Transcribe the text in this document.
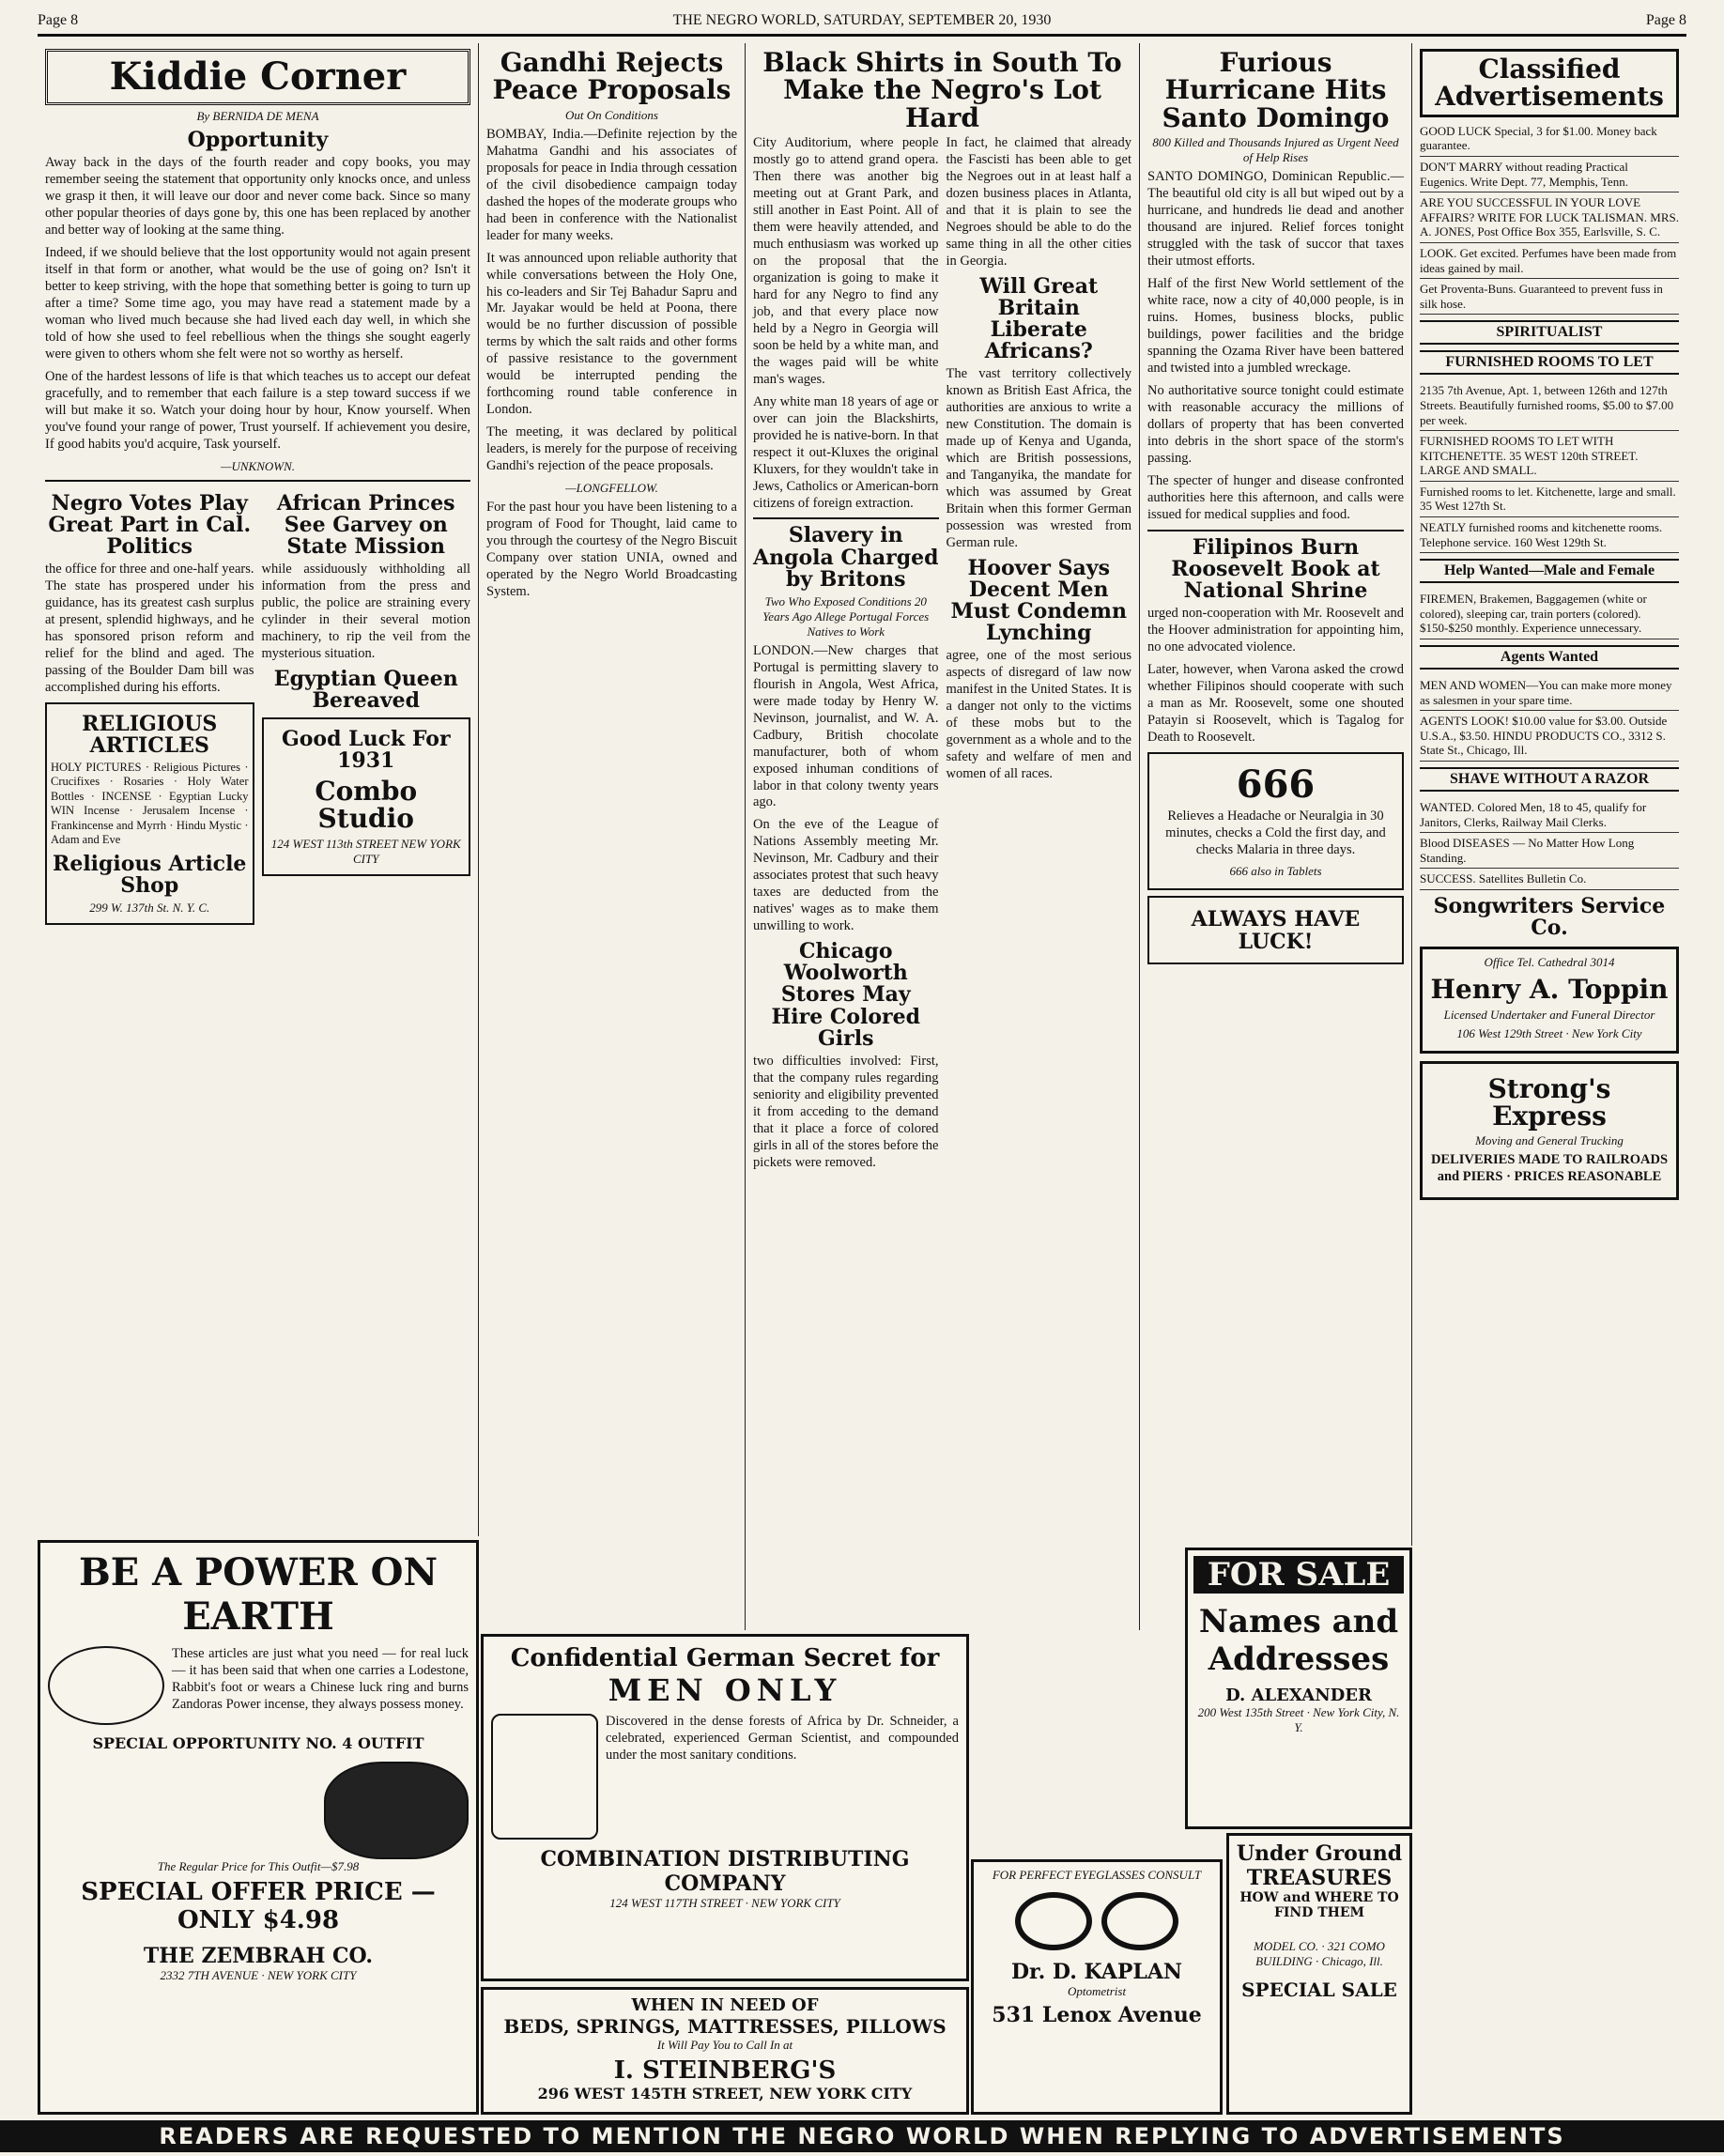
Page 8	THE NEGRO WORLD, SATURDAY, SEPTEMBER 20, 1930	Page 8
Kiddie Corner
By BERNIDA DE MENA
Opportunity

Away back in the days of the fourth reader and copy books, you may remember seeing the statement that opportunity only knocks once, and unless we grasp it then, it will leave our door and never come back. Since so many other popular theories of days gone by, this one has been replaced by another and better way of looking at the same thing.

Indeed, if we should believe that the lost opportunity would not again present itself in that form or another, what would be the use of going on? Isn't it better to keep striving, with the hope that something better is going to turn up after a time? Some time ago, you may have read a statement made by a woman who lived much because she had lived each day well, in which she told of how she used to feel rebellious when the things she sought eagerly were given to others whom she felt were not so worthy as herself.

One of the hardest lessons of life is that which teaches us to accept our defeat gracefully, and to remember that each failure is a step toward success if we will but make it so. Watch your doing hour by hour, Know yourself. When you've found your range of power, Trust yourself. If achievement you desire, If good habits you'd acquire, Task yourself.

—UNKNOWN.
Negro Votes Play Great Part in Cal. Politics

the office for three and one-half years. The state has prospered under his guidance, has its greatest cash surplus at present, splendid highways, and he has sponsored prison reform and relief for the blind and aged. The passing of the Boulder Dam bill was accomplished during his efforts.

RELIGIOUS ARTICLES

HOLY PICTURES · Religious Pictures · Crucifixes · Rosaries · Holy Water Bottles · INCENSE · Egyptian Lucky WIN Incense · Jerusalem Incense · Frankincense and Myrrh · Hindu Mystic · Adam and Eve

Religious Article Shop
299 W. 137th St. N. Y. C.
African Princes See Garvey on State Mission

while assiduously withholding all information from the press and public, the police are straining every cylinder in their several motion machinery, to rip the veil from the mysterious situation.

Egyptian Queen Bereaved
Good Luck For 1931
Combo Studio
124 WEST 113th STREET NEW YORK CITY
Gandhi Rejects Peace Proposals
Out On Conditions

BOMBAY, India.—Definite rejection by the Mahatma Gandhi and his associates of proposals for peace in India through cessation of the civil disobedience campaign today dashed the hopes of the moderate groups who had been in conference with the Nationalist leader for many weeks.

It was announced upon reliable authority that while conversations between the Holy One, his co-leaders and Sir Tej Bahadur Sapru and Mr. Jayakar would be held at Poona, there would be no further discussion of possible terms by which the salt raids and other forms of passive resistance to the government would be interrupted pending the forthcoming round table conference in London.

The meeting, it was declared by political leaders, is merely for the purpose of receiving Gandhi's rejection of the peace proposals.

—LONGFELLOW.

For the past hour you have been listening to a program of Food for Thought, laid came to you through the courtesy of the Negro Biscuit Company over station UNIA, owned and operated by the Negro World Broadcasting System.

Black Shirts in South To Make the Negro's Lot Hard

City Auditorium, where people mostly go to attend grand opera. Then there was another big meeting out at Grant Park, and still another in East Point. All of them were heavily attended, and much enthusiasm was worked up on the proposal that the organization is going to make it hard for any Negro to find any job, and that every place now held by a Negro in Georgia will soon be held by a white man, and the wages paid will be white man's wages.

Any white man 18 years of age or over can join the Blackshirts, provided he is native-born. In that respect it out-Kluxes the original Kluxers, for they wouldn't take in Jews, Catholics or American-born citizens of foreign extraction.

Slavery in Angola Charged by Britons
Two Who Exposed Conditions 20 Years Ago Allege Portugal Forces Natives to Work

LONDON.—New charges that Portugal is permitting slavery to flourish in Angola, West Africa, were made today by Henry W. Nevinson, journalist, and W. A. Cadbury, British chocolate manufacturer, both of whom exposed inhuman conditions of labor in that colony twenty years ago.

On the eve of the League of Nations Assembly meeting Mr. Nevinson, Mr. Cadbury and their associates protest that such heavy taxes are deducted from the natives' wages as to make them unwilling to work.

Chicago Woolworth Stores May Hire Colored Girls

two difficulties involved: First, that the company rules regarding seniority and eligibility prevented it from acceding to the demand that it place a force of colored girls in all of the stores before the pickets were removed.

In fact, he claimed that already the Fascisti has been able to get the Negroes out in at least half a dozen business places in Atlanta, and that it is plain to see the Negroes should be able to do the same thing in all the other cities in Georgia.

Will Great Britain Liberate Africans?

The vast territory collectively known as British East Africa, the authorities are anxious to write a new Constitution. The domain is made up of Kenya and Uganda, which are British possessions, and Tanganyika, the mandate for which was assumed by Great Britain when this former German possession was wrested from German rule.

Hoover Says Decent Men Must Condemn Lynching

agree, one of the most serious aspects of disregard of law now manifest in the United States. It is a danger not only to the victims of these mobs but to the government as a whole and to the safety and welfare of men and women of all races.

Furious Hurricane Hits Santo Domingo
800 Killed and Thousands Injured as Urgent Need of Help Rises

SANTO DOMINGO, Dominican Republic.—The beautiful old city is all but wiped out by a hurricane, and hundreds lie dead and another thousand are injured. Relief forces tonight struggled with the task of succor that taxes their utmost efforts.

Half of the first New World settlement of the white race, now a city of 40,000 people, is in ruins. Homes, business blocks, public buildings, power facilities and the bridge spanning the Ozama River have been battered and twisted into a jumbled wreckage.

No authoritative source tonight could estimate with reasonable accuracy the millions of dollars of property that has been converted into debris in the short space of the storm's passing.

The specter of hunger and disease confronted authorities here this afternoon, and calls were issued for medical supplies and food.

Filipinos Burn Roosevelt Book at National Shrine

urged non-cooperation with Mr. Roosevelt and the Hoover administration for appointing him, no one advocated violence.

Later, however, when Varona asked the crowd whether Filipinos should cooperate with such a man as Mr. Roosevelt, some one shouted Patayin si Roosevelt, which is Tagalog for Death to Roosevelt.

666

Relieves a Headache or Neuralgia in 30 minutes, checks a Cold the first day, and checks Malaria in three days.

666 also in Tablets
ALWAYS HAVE LUCK!
Classified Advertisements
GOOD LUCK Special, 3 for $1.00. Money back guarantee.
DON'T MARRY without reading Practical Eugenics. Write Dept. 77, Memphis, Tenn.
ARE YOU SUCCESSFUL IN YOUR LOVE AFFAIRS? WRITE FOR LUCK TALISMAN. MRS. A. JONES, Post Office Box 355, Earlsville, S. C.
LOOK. Get excited. Perfumes have been made from ideas gained by mail.
Get Proventa-Buns. Guaranteed to prevent fuss in silk hose.
SPIRITUALIST
FURNISHED ROOMS TO LET
2135 7th Avenue, Apt. 1, between 126th and 127th Streets. Beautifully furnished rooms, $5.00 to $7.00 per week.
FURNISHED ROOMS TO LET WITH KITCHENETTE. 35 WEST 120th STREET. LARGE AND SMALL.
Furnished rooms to let. Kitchenette, large and small. 35 West 127th St.
NEATLY furnished rooms and kitchenette rooms. Telephone service. 160 West 129th St.
Help Wanted—Male and Female
FIREMEN, Brakemen, Baggagemen (white or colored), sleeping car, train porters (colored). $150-$250 monthly. Experience unnecessary.
Agents Wanted
MEN AND WOMEN—You can make more money as salesmen in your spare time.
AGENTS LOOK! $10.00 value for $3.00. Outside U.S.A., $3.50. HINDU PRODUCTS CO., 3312 S. State St., Chicago, Ill.
SHAVE WITHOUT A RAZOR
WANTED. Colored Men, 18 to 45, qualify for Janitors, Clerks, Railway Mail Clerks.
Blood DISEASES — No Matter How Long Standing.
SUCCESS. Satellites Bulletin Co.
Songwriters Service Co.
Office Tel. Cathedral 3014
Henry A. Toppin
Licensed Undertaker and Funeral Director
106 West 129th Street · New York City
Strong's Express
Moving and General Trucking
DELIVERIES MADE TO RAILROADS and PIERS · PRICES REASONABLE
BE A POWER ON EARTH

These articles are just what you need — for real luck — it has been said that when one carries a Lodestone, Rabbit's foot or wears a Chinese luck ring and burns Zandoras Power incense, they always possess money.

SPECIAL OPPORTUNITY NO. 4 OUTFIT
The Regular Price for This Outfit—$7.98
SPECIAL OFFER PRICE — ONLY $4.98
THE ZEMBRAH CO.
2332 7TH AVENUE · NEW YORK CITY
Confidential German Secret for
MEN ONLY

Discovered in the dense forests of Africa by Dr. Schneider, a celebrated, experienced German Scientist, and compounded under the most sanitary conditions.

COMBINATION DISTRIBUTING COMPANY
124 WEST 117TH STREET · NEW YORK CITY
WHEN IN NEED OF
BEDS, SPRINGS, MATTRESSES, PILLOWS
It Will Pay You to Call In at
I. STEINBERG'S
296 WEST 145TH STREET, NEW YORK CITY
FOR PERFECT EYEGLASSES CONSULT
Dr. D. KAPLAN
Optometrist
531 Lenox Avenue
FOR SALE
Names and Addresses
D. ALEXANDER
200 West 135th Street · New York City, N. Y.
Under Ground TREASURES
HOW and WHERE TO FIND THEM
MODEL CO. · 321 COMO BUILDING · Chicago, Ill.
SPECIAL SALE
READERS ARE REQUESTED TO MENTION THE NEGRO WORLD WHEN REPLYING TO ADVERTISEMENTS
